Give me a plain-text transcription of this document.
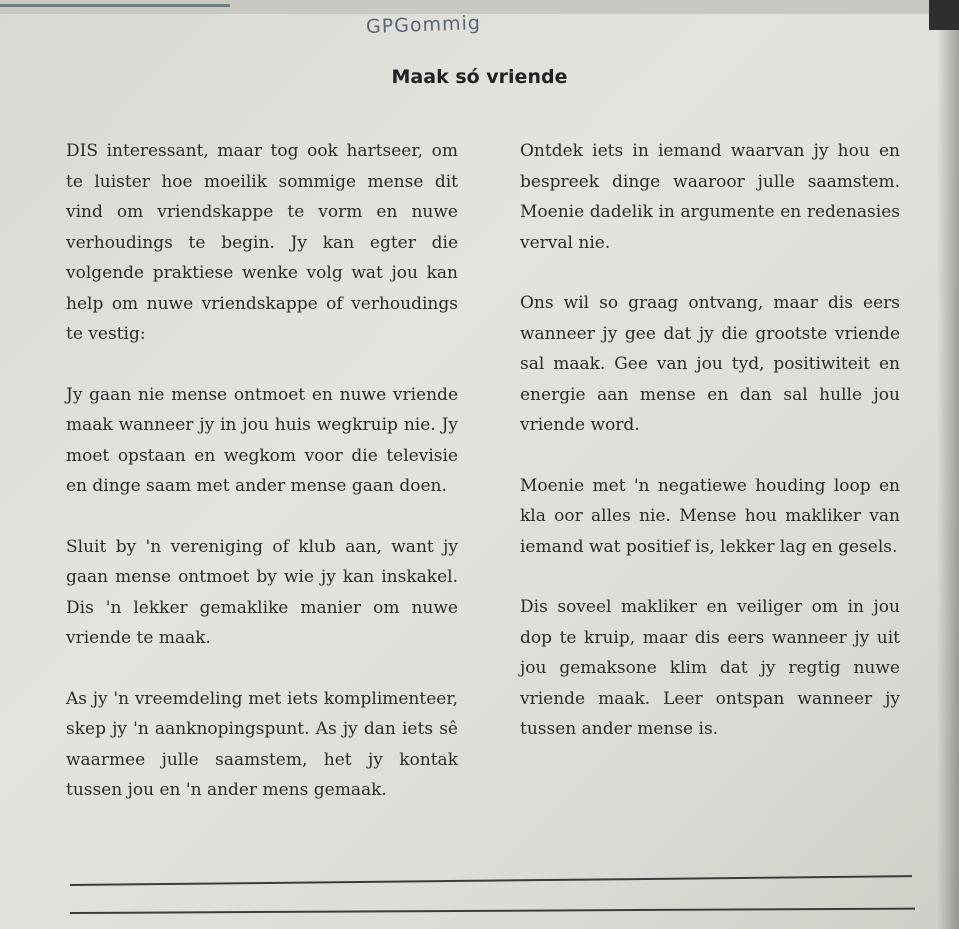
GPGommig
Maak só vriende

DIS interessant, maar tog ook hartseer, om te luister hoe moeilik sommige mense dit vind om vriendskappe te vorm en nuwe verhoudings te begin. Jy kan egter die volgende praktiese wenke volg wat jou kan help om nuwe vriendskappe of verhoudings te vestig:

Jy gaan nie mense ontmoet en nuwe vriende maak wanneer jy in jou huis wegkruip nie. Jy moet opstaan en wegkom voor die televisie en dinge saam met ander mense gaan doen.

Sluit by 'n vereniging of klub aan, want jy gaan mense ontmoet by wie jy kan inskakel. Dis 'n lekker gemaklike manier om nuwe vriende te maak.

As jy 'n vreemdeling met iets komplimenteer, skep jy 'n aanknopingspunt. As jy dan iets sê waarmee julle saamstem, het jy kontak tussen jou en 'n ander mens gemaak.

Ontdek iets in iemand waarvan jy hou en bespreek dinge waaroor julle saamstem. Moenie dadelik in argumente en redenasies verval nie.

Ons wil so graag ontvang, maar dis eers wanneer jy gee dat jy die grootste vriende sal maak. Gee van jou tyd, positiwiteit en energie aan mense en dan sal hulle jou vriende word.

Moenie met 'n negatiewe houding loop en kla oor alles nie. Mense hou makliker van iemand wat positief is, lekker lag en gesels.

Dis soveel makliker en veiliger om in jou dop te kruip, maar dis eers wanneer jy uit jou gemaksone klim dat jy regtig nuwe vriende maak. Leer ontspan wanneer jy tussen ander mense is.
